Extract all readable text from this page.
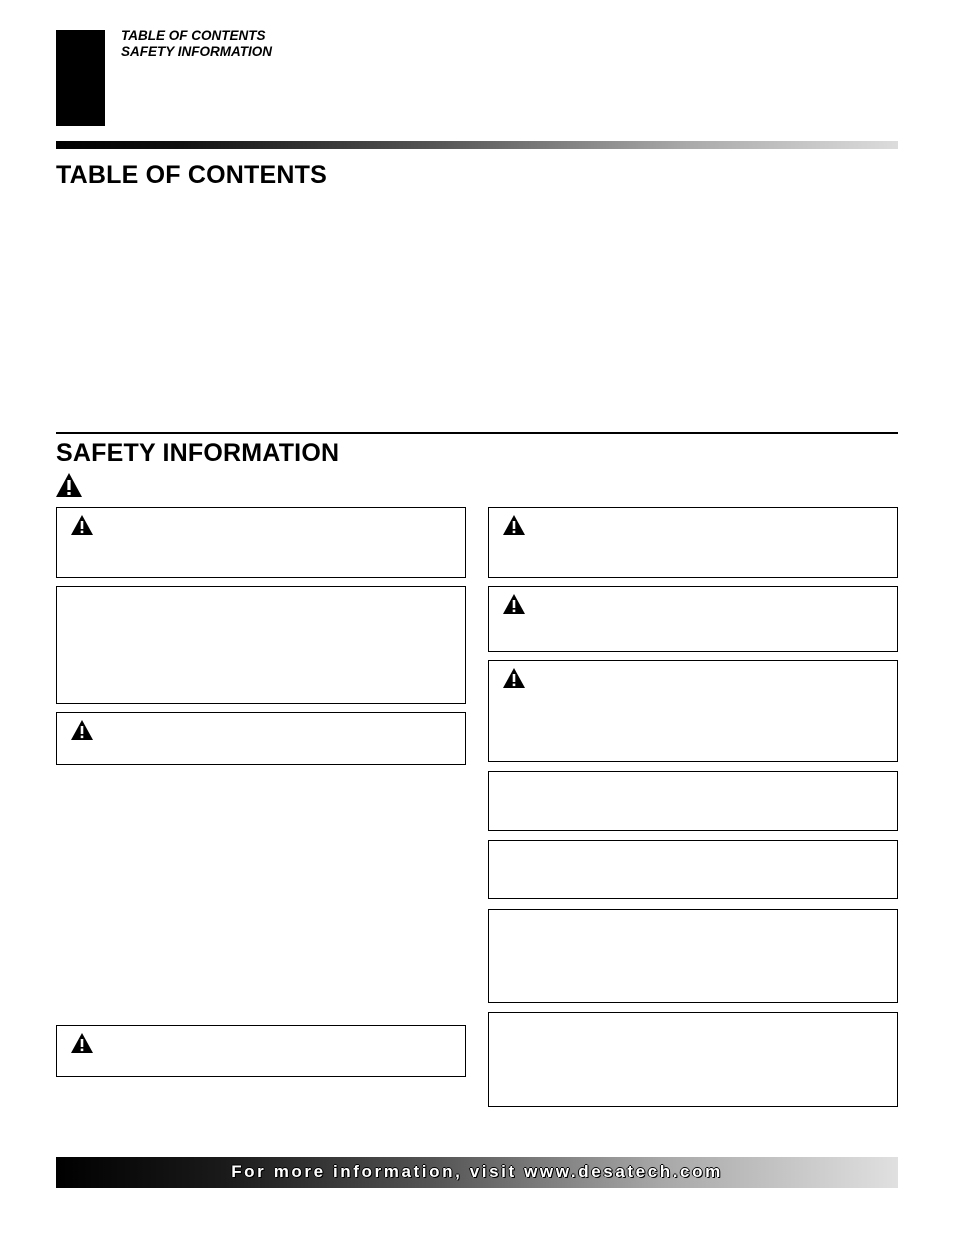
TABLE OF CONTENTS
SAFETY INFORMATION
TABLE OF CONTENTS
SAFETY INFORMATION
For more information, visit www.desatech.com
